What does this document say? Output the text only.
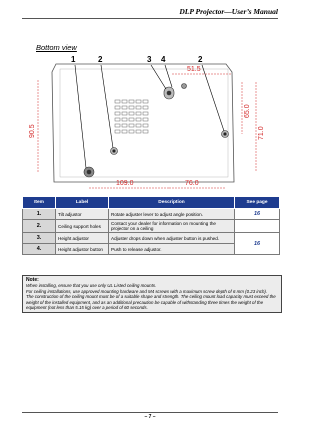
DLP Projector—User’s Manual
Bottom view
1	2	3 4	2
51.5
65.0
71.0
90.5
109.0	76.0
Item	Label	Description	See page
1.	Tilt adjustor	Rotate adjuster lever to adjust angle position.	16
2.	Ceiling support holes	Contact your dealer for information on mounting the projector on a ceiling	
3.	Height adjustor	Adjuster drops down when adjuster button is pushed.	16
4.	Height adjustor button	Push to release adjustor.	
Note:

When installing, ensure that you use only UL Listed ceiling mounts.

For ceiling installations, use approved mounting hardware and M4 screws with a maximum screw depth of 6 mm (0.23 inch).

The construction of the ceiling mount must be of a suitable shape and strength. The ceiling mount load capacity must exceed the weight of the installed equipment, and as an additional precaution be capable of withstanding three times the weight of the equipment (not less than 5.15 kg) over a period of 60 seconds.

– 7 –
